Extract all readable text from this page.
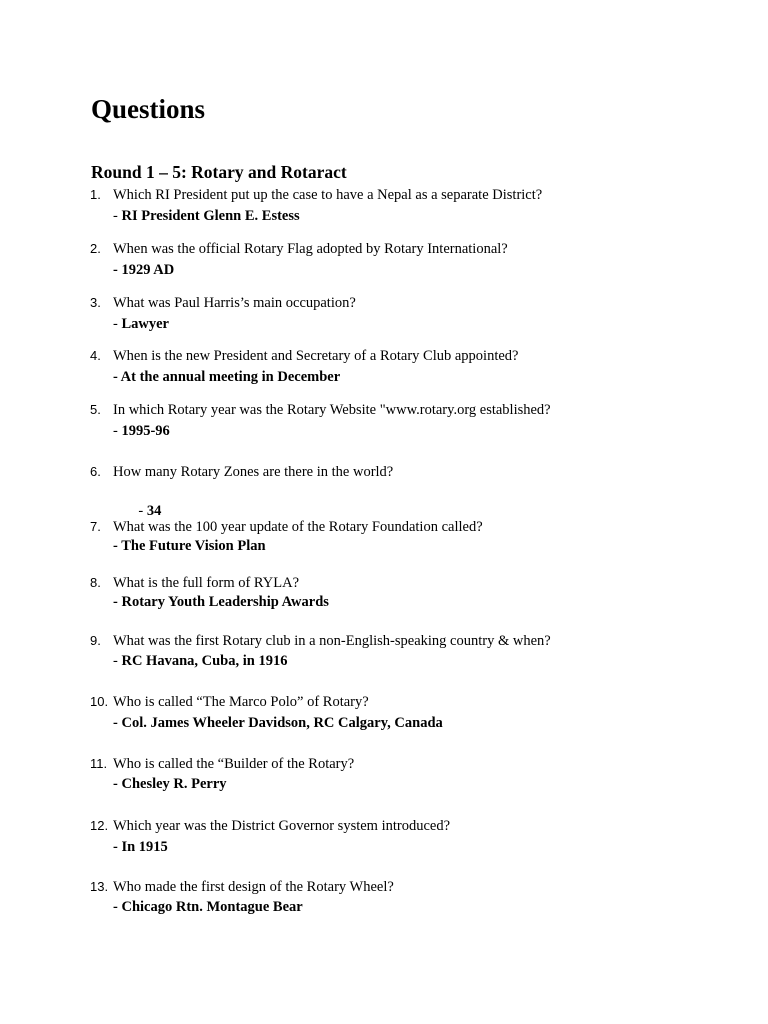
Questions
Round 1 – 5: Rotary and Rotaract
1. Which RI President put up the case to have a Nepal as a separate District?
- RI President Glenn E. Estess
2. When was the official Rotary Flag adopted by Rotary International?
- 1929 AD
3. What was Paul Harris’s main occupation?
- Lawyer
4. When is the new President and Secretary of a Rotary Club appointed?
- At the annual meeting in December
5. In which Rotary year was the Rotary Website "www.rotary.org established?
- 1995-96
6. How many Rotary Zones are there in the world?

- 34

7. What was the 100 year update of the Rotary Foundation called?
- The Future Vision Plan
8. What is the full form of RYLA?
- Rotary Youth Leadership Awards
9. What was the first Rotary club in a non-English-speaking country & when?
- RC Havana, Cuba, in 1916
10. Who is called “The Marco Polo” of Rotary?
- Col. James Wheeler Davidson, RC Calgary, Canada
11. Who is called the “Builder of the Rotary?
- Chesley R. Perry
12. Which year was the District Governor system introduced?
- In 1915
13. Who made the first design of the Rotary Wheel?
- Chicago Rtn. Montague Bear
